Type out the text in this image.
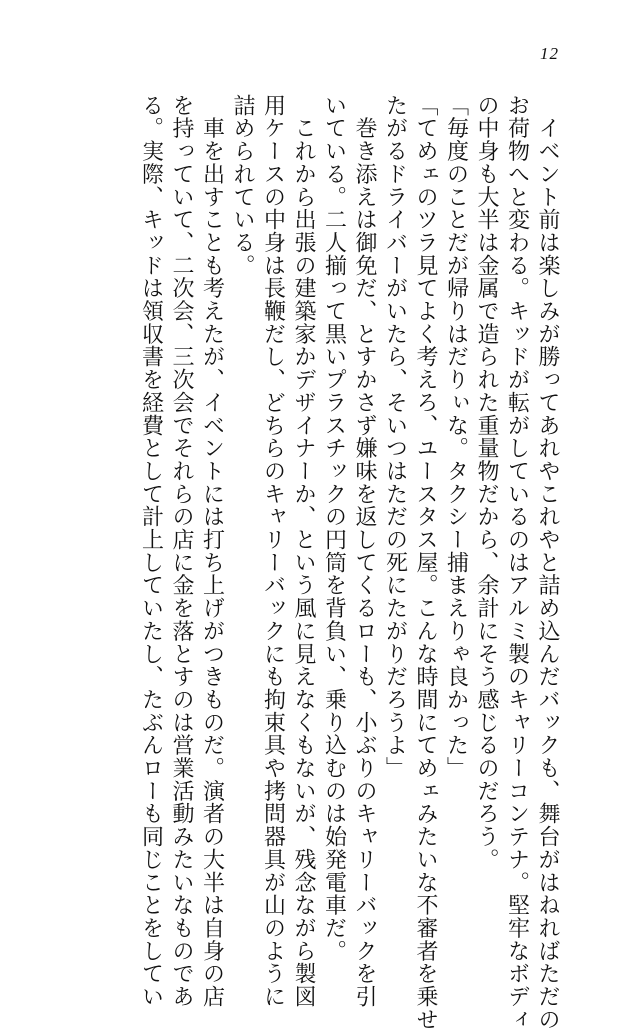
12
　イベント前は楽しみが勝ってあれやこれやと詰め込んだバックも、舞台がはねればただの
お荷物へと変わる。キッドが転がしているのはアルミ製のキャリーコンテナ。堅牢なボディ
の中身も大半は金属で造られた重量物だから、余計にそう感じるのだろう。
「毎度のことだが帰りはだりぃな。タクシー捕まえりゃ良かった」
「てめェのツラ見てよく考えろ、ユースタス屋。こんな時間にてめェみたいな不審者を乗せ
たがるドライバーがいたら、そいつはただの死にたがりだろうよ」
　巻き添えは御免だ、とすかさず嫌味を返してくるローも、小ぶりのキャリーバックを引
いている。二人揃って黒いプラスチックの円筒を背負い、乗り込むのは始発電車だ。
　これから出張の建築家かデザイナーか、という風に見えなくもないが、残念ながら製図
用ケースの中身は長鞭だし、どちらのキャリーバックにも拘束具や拷問器具が山のように
詰められている。
　車を出すことも考えたが、イベントには打ち上げがつきものだ。演者の大半は自身の店
を持っていて、二次会、三次会でそれらの店に金を落とすのは営業活動みたいなものであ
る。実際、キッドは領収書を経費として計上していたし、たぶんローも同じことをしてい
